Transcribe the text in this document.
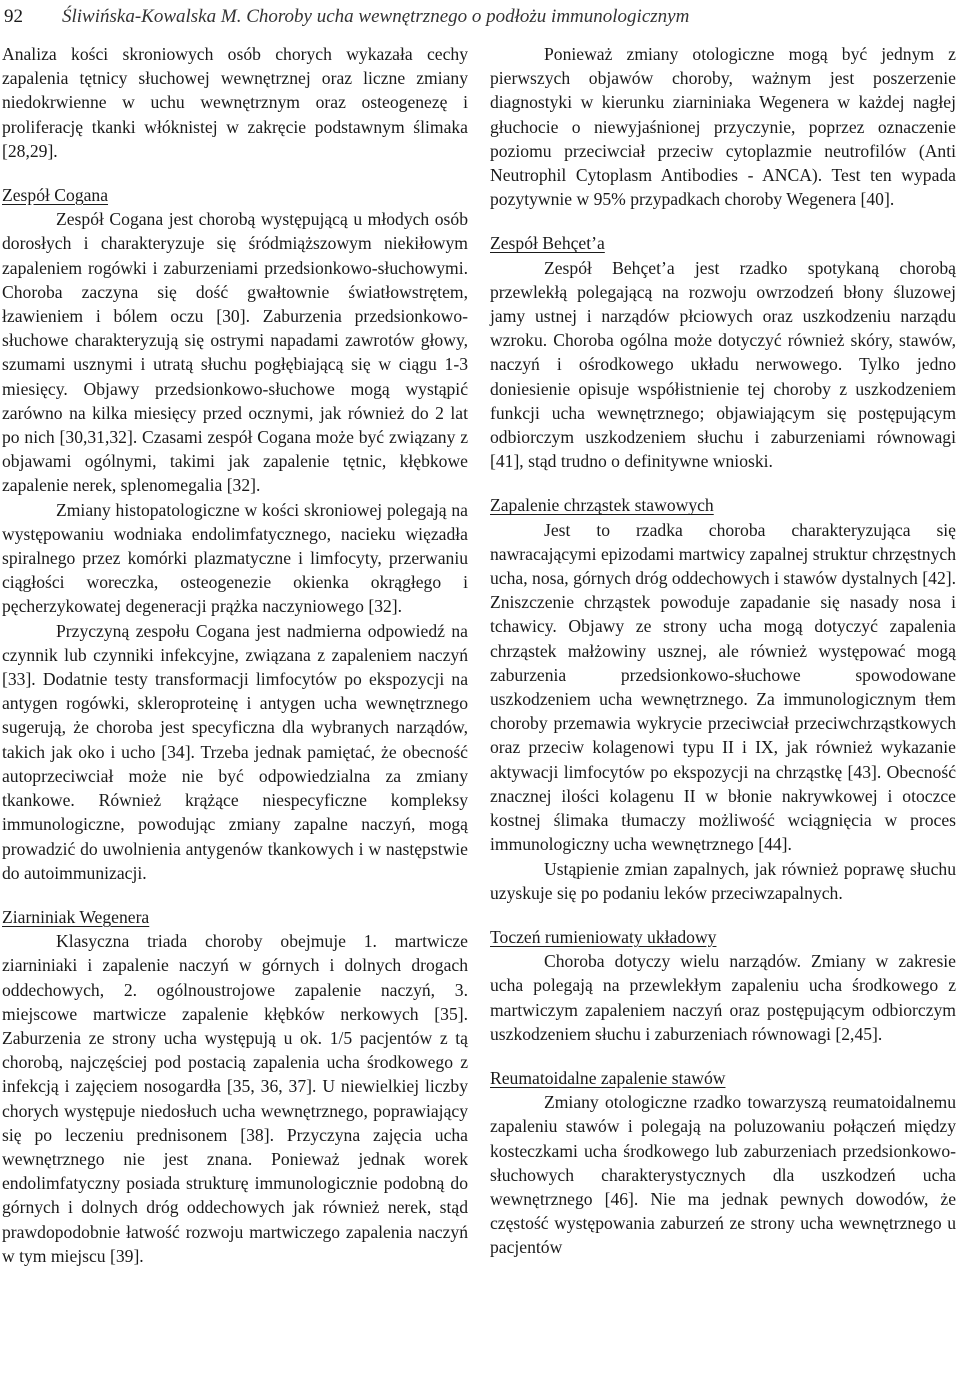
92 Śliwińska-Kowalska M. Choroby ucha wewnętrznego o podłożu immunologicznym

Analiza kości skroniowych osób chorych wykazała cechy zapalenia tętnicy słuchowej wewnętrznej oraz liczne zmiany niedokrwienne w uchu wewnętrznym oraz osteogenezę i proliferację tkanki włóknistej w zakręcie podstawnym ślimaka [28,29].

Zespół Cogana

Zespół Cogana jest chorobą występującą u młodych osób dorosłych i charakteryzuje się śródmiąższowym niekiłowym zapaleniem rogówki i zaburzeniami przedsionkowo-słuchowymi. Choroba zaczyna się dość gwałtownie światłowstrętem, łzawieniem i bólem oczu [30]. Zaburzenia przedsionkowo-słuchowe charakteryzują się ostrymi napadami zawrotów głowy, szumami usznymi i utratą słuchu pogłębiającą się w ciągu 1-3 miesięcy. Objawy przedsionkowo-słuchowe mogą wystąpić zarówno na kilka miesięcy przed ocznymi, jak również do 2 lat po nich [30,31,32]. Czasami zespół Cogana może być związany z objawami ogólnymi, takimi jak zapalenie tętnic, kłębkowe zapalenie nerek, splenomegalia [32].

Zmiany histopatologiczne w kości skroniowej polegają na występowaniu wodniaka endolimfatycznego, nacieku więzadła spiralnego przez komórki plazmatyczne i limfocyty, przerwaniu ciągłości woreczka, osteogenezie okienka okrągłego i pęcherzykowatej degeneracji prążka naczyniowego [32].

Przyczyną zespołu Cogana jest nadmierna odpowiedź na czynnik lub czynniki infekcyjne, związana z zapaleniem naczyń [33]. Dodatnie testy transformacji limfocytów po ekspozycji na antygen rogówki, skleroproteinę i antygen ucha wewnętrznego sugerują, że choroba jest specyficzna dla wybranych narządów, takich jak oko i ucho [34]. Trzeba jednak pamiętać, że obecność autoprzeciwciał może nie być odpowiedzialna za zmiany tkankowe. Również krążące niespecyficzne kompleksy immunologiczne, powodując zmiany zapalne naczyń, mogą prowadzić do uwolnienia antygenów tkankowych i w następstwie do autoimmunizacji.

Ziarniniak Wegenera

Klasyczna triada choroby obejmuje 1. martwicze ziarniniaki i zapalenie naczyń w górnych i dolnych drogach oddechowych, 2. ogólnoustrojowe zapalenie naczyń, 3. miejscowe martwicze zapalenie kłębków nerkowych [35]. Zaburzenia ze strony ucha występują u ok. 1/5 pacjentów z tą chorobą, najczęściej pod postacią zapalenia ucha środkowego z infekcją i zajęciem nosogardła [35, 36, 37]. U niewielkiej liczby chorych występuje niedosłuch ucha wewnętrznego, poprawiający się po leczeniu prednisonem [38]. Przyczyna zajęcia ucha wewnętrznego nie jest znana. Ponieważ jednak worek endolimfatyczny posiada strukturę immunologicznie podobną do górnych i dolnych dróg oddechowych jak również nerek, stąd prawdopodobnie łatwość rozwoju martwiczego zapalenia naczyń w tym miejscu [39].

Ponieważ zmiany otologiczne mogą być jednym z pierwszych objawów choroby, ważnym jest poszerzenie diagnostyki w kierunku ziarniniaka Wegenera w każdej nagłej głuchocie o niewyjaśnionej przyczynie, poprzez oznaczenie poziomu przeciwciał przeciw cytoplazmie neutrofilów (Anti Neutrophil Cytoplasm Antibodies - ANCA). Test ten wypada pozytywnie w 95% przypadkach choroby Wegenera [40].

Zespół Behçet’a

Zespół Behçet’a jest rzadko spotykaną chorobą przewlekłą polegającą na rozwoju owrzodzeń błony śluzowej jamy ustnej i narządów płciowych oraz uszkodzeniu narządu wzroku. Choroba ogólna może dotyczyć również skóry, stawów, naczyń i ośrodkowego układu nerwowego. Tylko jedno doniesienie opisuje współistnienie tej choroby z uszkodzeniem funkcji ucha wewnętrznego; objawiającym się postępującym odbiorczym uszkodzeniem słuchu i zaburzeniami równowagi [41], stąd trudno o definitywne wnioski.

Zapalenie chrząstek stawowych

Jest to rzadka choroba charakteryzująca się nawracającymi epizodami martwicy zapalnej struktur chrzęstnych ucha, nosa, górnych dróg oddechowych i stawów dystalnych [42]. Zniszczenie chrząstek powoduje zapadanie się nasady nosa i tchawicy. Objawy ze strony ucha mogą dotyczyć zapalenia chrząstek małżowiny usznej, ale również występować mogą zaburzenia przedsionkowo-słuchowe spowodowane uszkodzeniem ucha wewnętrznego. Za immunologicznym tłem choroby przemawia wykrycie przeciwciał przeciwchrząstkowych oraz przeciw kolagenowi typu II i IX, jak również wykazanie aktywacji limfocytów po ekspozycji na chrząstkę [43]. Obecność znacznej ilości kolagenu II w błonie nakrywkowej i otoczce kostnej ślimaka tłumaczy możliwość wciągnięcia w proces immunologiczny ucha wewnętrznego [44].

Ustąpienie zmian zapalnych, jak również poprawę słuchu uzyskuje się po podaniu leków przeciwzapalnych.

Toczeń rumieniowaty układowy

Choroba dotyczy wielu narządów. Zmiany w zakresie ucha polegają na przewlekłym zapaleniu ucha środkowego z martwiczym zapaleniem naczyń oraz postępującym odbiorczym uszkodzeniem słuchu i zaburzeniach równowagi [2,45].

Reumatoidalne zapalenie stawów

Zmiany otologiczne rzadko towarzyszą reumatoidalnemu zapaleniu stawów i polegają na poluzowaniu połączeń między kosteczkami ucha środkowego lub zaburzeniach przedsionkowo-słuchowych charakterystycznych dla uszkodzeń ucha wewnętrznego [46]. Nie ma jednak pewnych dowodów, że częstość występowania zaburzeń ze strony ucha wewnętrznego u pacjentów
